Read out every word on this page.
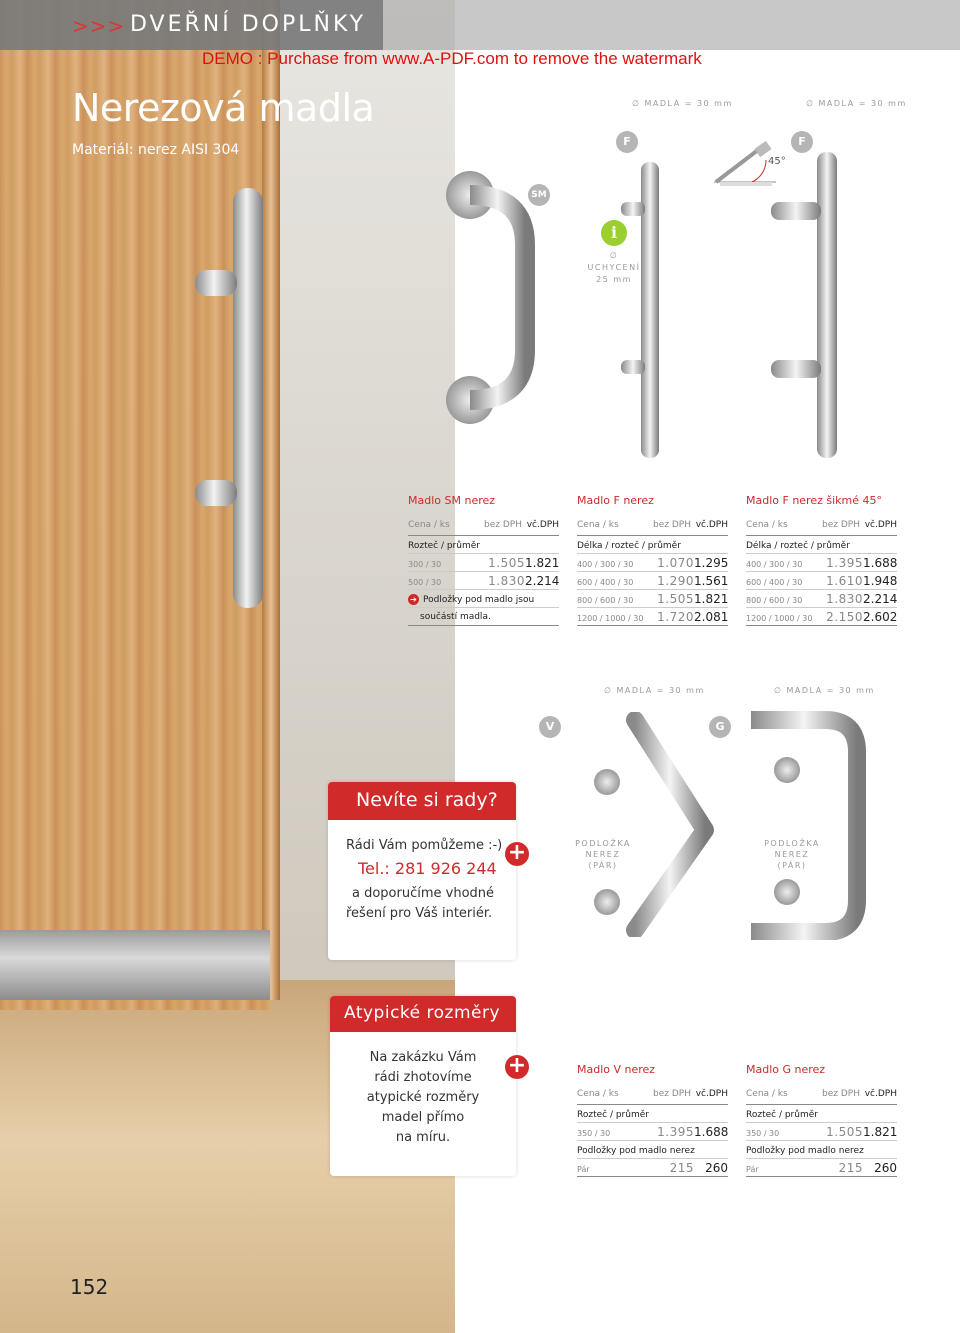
>>> DVEŘNÍ DOPLŇKY
DEMO : Purchase from www.A-PDF.com to remove the watermark
Nerezová madla
Materiál: nerez AISI 304
∅ MADLA = 30 mm	∅ MADLA = 30 mm
∅ MADLA = 30 mm	∅ MADLA = 30 mm
F	F
SM
V	G
i
∅ UCHYCENÍ
25 mm
45°
PODLOŽKA
NEREZ
(PÁR)
PODLOŽKA
NEREZ
(PÁR)
Madlo SM nerez
Cena / ks	bez DPH vč.DPH
Rozteč / průměr
300 / 30	1.505 1.821
500 / 30	1.830 2.214
➔ Podložky pod madlo jsou
součástí madla.
Madlo F nerez
Cena / ks	bez DPH vč.DPH
Délka / rozteč / průměr
400 / 300 / 30	1.070 1.295
600 / 400 / 30	1.290 1.561
800 / 600 / 30	1.505 1.821
1200 / 1000 / 30	1.720 2.081
Madlo F nerez šikmé 45°
Cena / ks	bez DPH vč.DPH
Délka / rozteč / průměr
400 / 300 / 30	1.395 1.688
600 / 400 / 30	1.610 1.948
800 / 600 / 30	1.830 2.214
1200 / 1000 / 30	2.150 2.602
Madlo V nerez
Cena / ks	bez DPH vč.DPH
Rozteč / průměr
350 / 30	1.395 1.688
Podložky pod madlo nerez
Pár	215 260
Madlo G nerez
Cena / ks	bez DPH vč.DPH
Rozteč / průměr
350 / 30	1.505 1.821
Podložky pod madlo nerez
Pár	215 260
Nevíte si rady?
Rádi Vám pomůžeme :-)
Tel.: 281 926 244
a doporučíme vhodné
řešení pro Váš interiér.
+
Atypické rozměry
Na zakázku Vám
rádi zhotovíme
atypické rozměry
madel přímo
na míru.
+
152
